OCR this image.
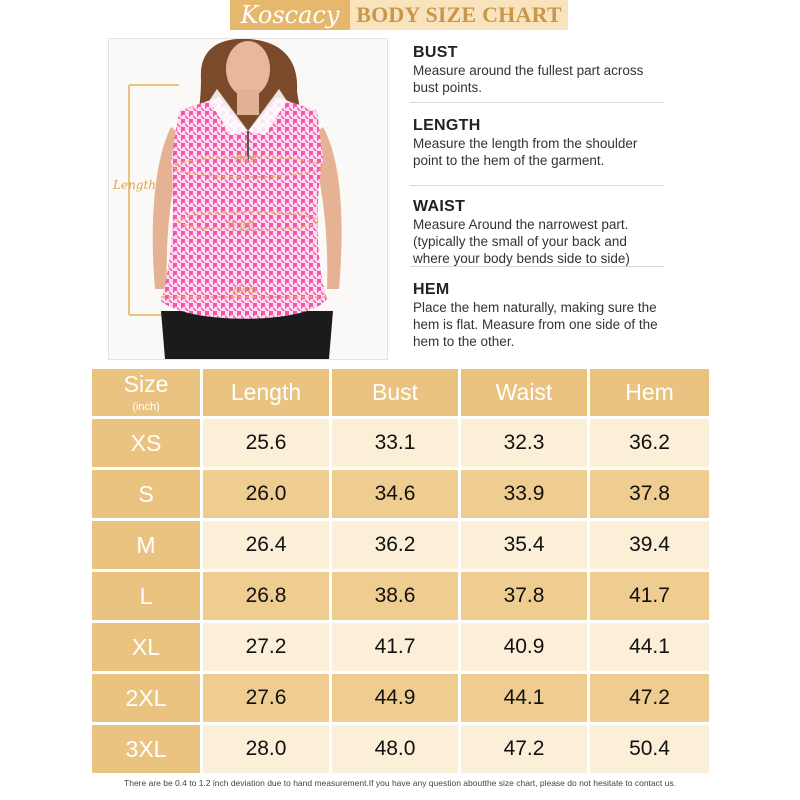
Koscacy BODY SIZE CHART
Length
Bust
Waist
Hem
BUST

Measure around the fullest part across bust points.

LENGTH

Measure the length from the shoulder point to the hem of the garment.

WAIST

Measure Around the narrowest part. (typically the small of your back and where your body bends side to side)

HEM

Place the hem naturally, making sure the hem is flat. Measure from one side of the hem to the other.

Size
(inch)
Length	Bust	Waist	Hem
XS	25.6	33.1	32.3	36.2
S	26.0	34.6	33.9	37.8
M	26.4	36.2	35.4	39.4
L	26.8	38.6	37.8	41.7
XL	27.2	41.7	40.9	44.1
2XL	27.6	44.9	44.1	47.2
3XL	28.0	48.0	47.2	50.4
There are be 0.4 to 1.2 inch deviation due to hand measurement.If you have any question aboutthe size chart, please do not hesitate to contact us.
